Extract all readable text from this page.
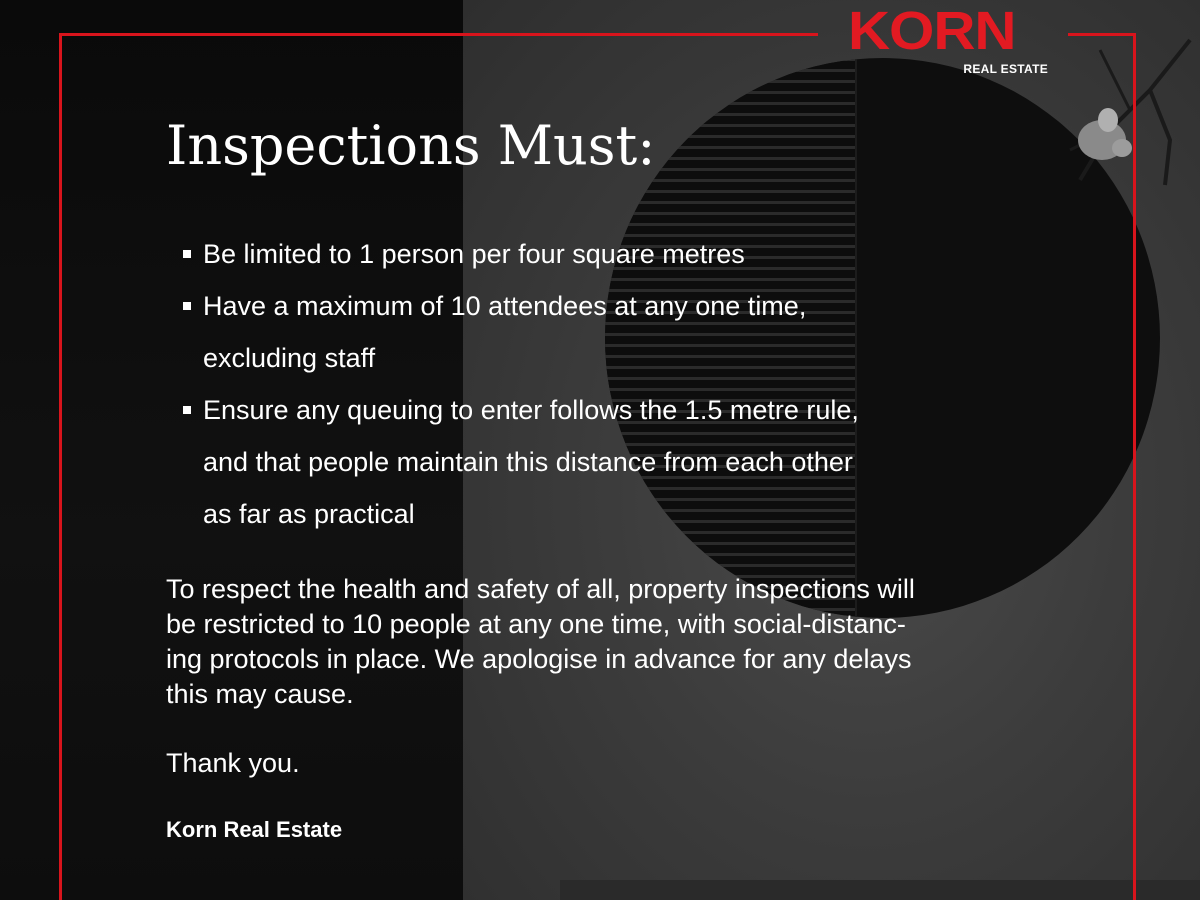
KORN
REAL ESTATE
Inspections Must:
Be limited to 1 person per four square metres
Have a maximum of 10 attendees at any one time,
excluding staff
Ensure any queuing to enter follows the 1.5 metre rule,
and that people maintain this distance from each other
as far as practical
To respect the health and safety of all, property inspections will
be restricted to 10 people at any one time, with social-distanc-
ing protocols in place. We apologise in advance for any delays
this may cause.

Thank you.

Korn Real Estate
